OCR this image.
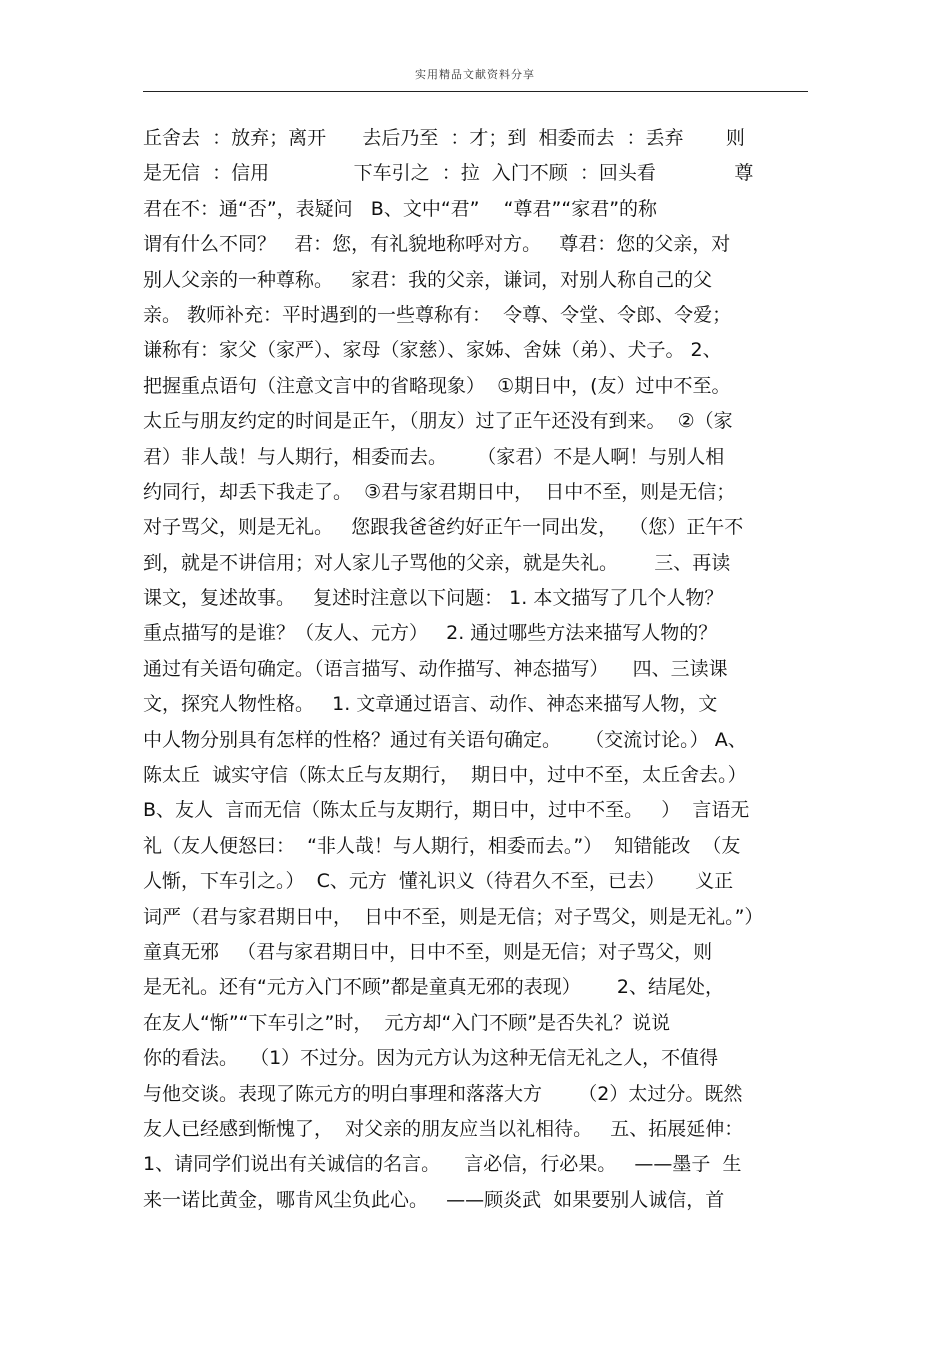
实用精品文献资料分享
丘舍去  ：放弃；离开      去后乃至  ：才；到  相委而去  ：丢弃       则
是无信  ：信用              下车引之  ：拉  入门不顾  ：回头看             尊
君在不：通“否”，表疑问   B、文中“君”    “尊君”“家君”的称
谓有什么不同？   君：您，有礼貌地称呼对方。   尊君：您的父亲，对
别人父亲的一种尊称。   家君：我的父亲，谦词，对别人称自己的父
亲。 教师补充：平时遇到的一些尊称有：  令尊、令堂、令郎、令爱；
谦称有：家父（家严）、家母（家慈）、家姊、舍妹（弟）、犬子。 2、
把握重点语句（注意文言中的省略现象）  ①期日中，(友）过中不至。
太丘与朋友约定的时间是正午，（朋友）过了正午还没有到来。  ②（家
君）非人哉！与人期行，相委而去。     （家君）不是人啊！与别人相
约同行，却丢下我走了。  ③君与家君期日中，  日中不至，则是无信；
对子骂父，则是无礼。   您跟我爸爸约好正午一同出发，  （您）正午不
到，就是不讲信用；对人家儿子骂他的父亲，就是失礼。      三、再读
课文，复述故事。   复述时注意以下问题： 1. 本文描写了几个人物？
重点描写的是谁？（友人、元方）   2. 通过哪些方法来描写人物的？
通过有关语句确定。（语言描写、动作描写、神态描写）    四、三读课
文，探究人物性格。   1. 文章通过语言、动作、神态来描写人物，文
中人物分别具有怎样的性格？通过有关语句确定。    （交流讨论。） A、
陈太丘  诚实守信（陈太丘与友期行，  期日中，过中不至，太丘舍去。）
B、友人  言而无信（陈太丘与友期行，期日中，过中不至。   ）  言语无
礼（友人便怒曰：  “非人哉！与人期行，相委而去。”）  知错能改  （友
人惭，下车引之。）  C、元方  懂礼识义（待君久不至，已去）     义正
词严（君与家君期日中，  日中不至，则是无信；对子骂父，则是无礼。”）
童真无邪   （君与家君期日中，日中不至，则是无信；对子骂父，则
是无礼。还有“元方入门不顾”都是童真无邪的表现）      2、结尾处，
在友人“惭”“下车引之”时，  元方却“入门不顾”是否失礼？说说
你的看法。  （1）不过分。因为元方认为这种无信无礼之人，不值得
与他交谈。表现了陈元方的明白事理和落落大方      （2）太过分。既然
友人已经感到惭愧了，  对父亲的朋友应当以礼相待。   五、拓展延伸：
1、请同学们说出有关诚信的名言。    言必信，行必果。   ——墨子  生
来一诺比黄金，哪肯风尘负此心。   ——顾炎武  如果要别人诚信，首
